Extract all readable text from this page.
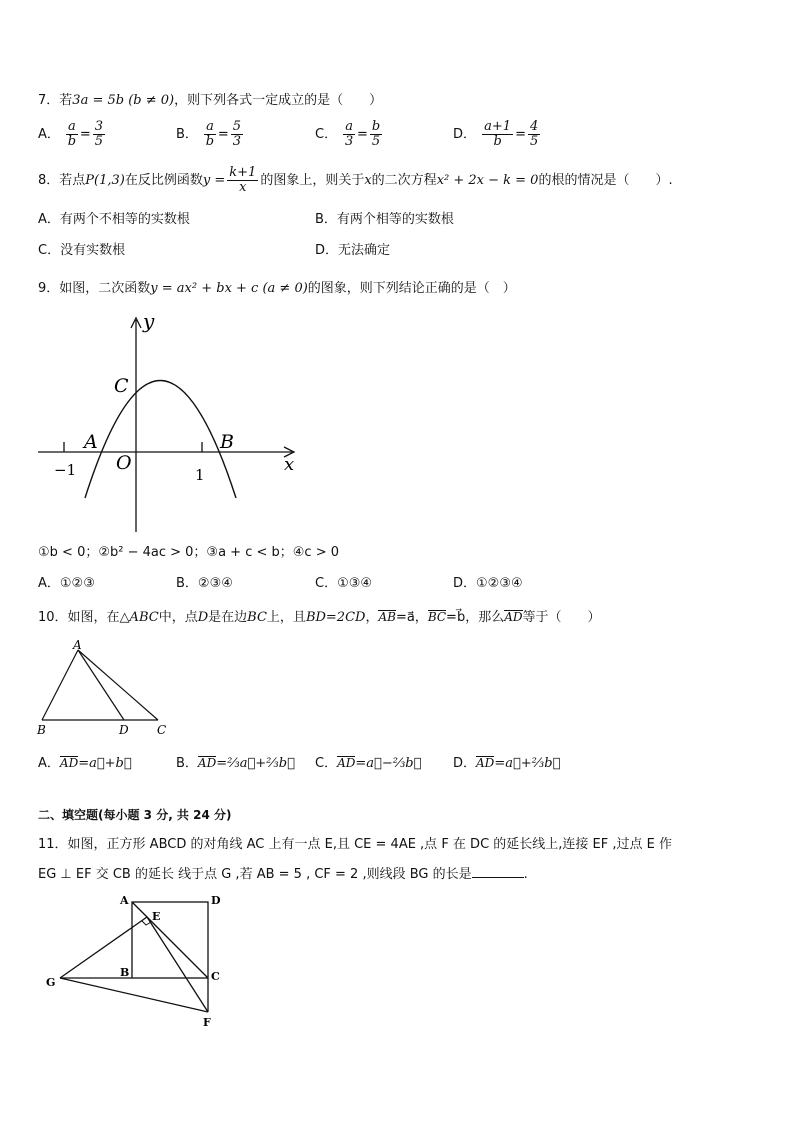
7．若3a = 5b (b ≠ 0)，则下列各式一定成立的是（　　）
A． $\frac{a}{b} = \frac{3}{5}$	B． $\frac{a}{b} = \frac{5}{3}$	C． $\frac{a}{3} = \frac{b}{5}$	D． $\frac{a+1}{b} = \frac{4}{5}$
8．若点P(1,3)在反比例函数$y = \frac{k+1}{x}$ 的图象上，则关于x的二次方程x² + 2x − k = 0的根的情况是（　　）.
A．有两个不相等的实数根	B．有两个相等的实数根
C．没有实数根	D．无法确定
9．如图，二次函数y = ax² + bx + c (a ≠ 0)的图象，则下列结论正确的是（　）
y
x
C
A	B
O
−1	1
①b < 0；②b² − 4ac > 0；③a + c < b；④c > 0
A．①②③	B．②③④	C．①③④	D．①②③④
10．如图，在△ABC中，点D是在边BC上，且BD=2CD，AB=a⃗，BC=b⃗，那么AD等于（　　）
A
B	D C
A．AD=a⃗+b⃗	B．AD=⅔a⃗+⅔b⃗ C．AD=a⃗−⅔b⃗ D．AD=a⃗+⅔b⃗
二、填空题(每小题 3 分, 共 24 分)
11．如图，正方形 ABCD 的对角线 AC 上有一点 E,且 CE = 4AE ,点 F 在 DC 的延长线上,连接 EF ,过点 E 作
EG ⊥ EF 交 CB 的延长 线于点 G ,若 AB = 5 , CF = 2 ,则线段 BG 的长是	.
A	D
E
B	C
G
F
